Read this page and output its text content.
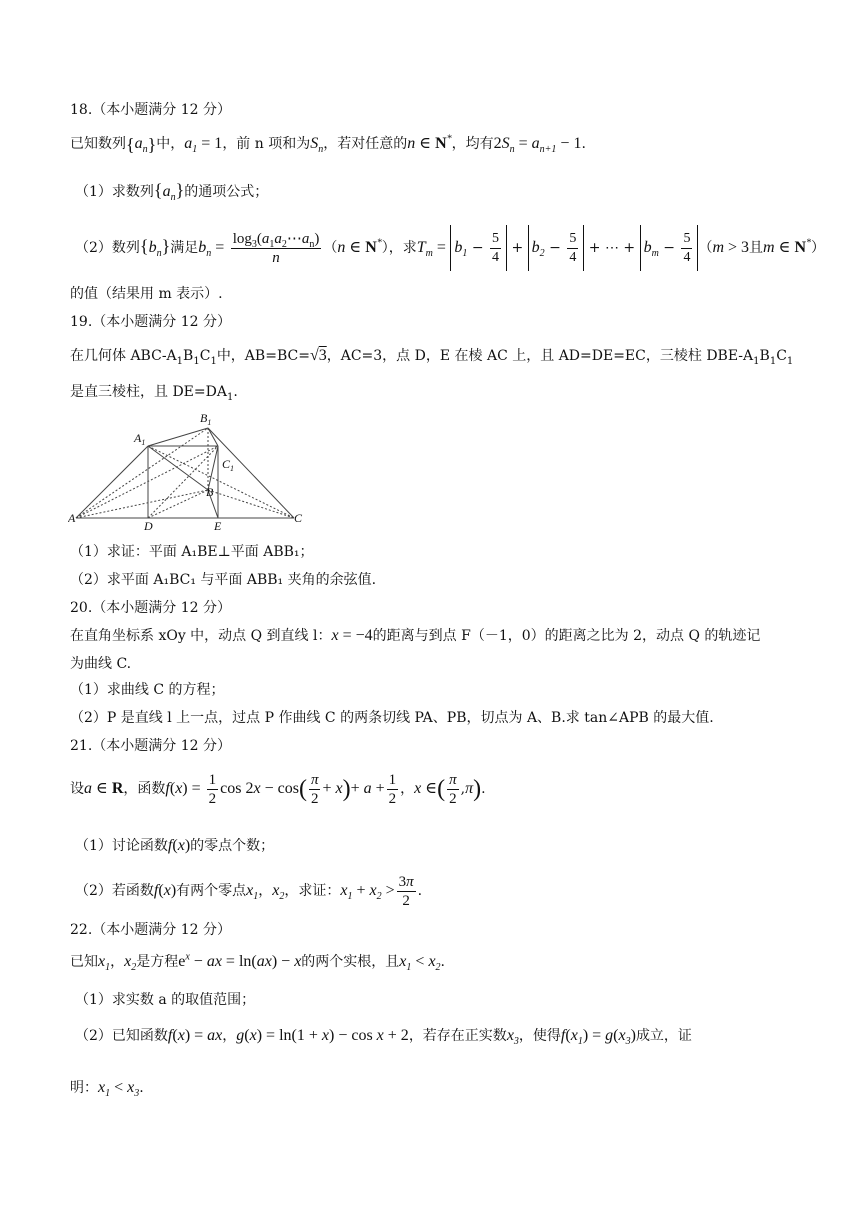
18.（本小题满分 12 分）
已知数列$\{a_n\}$中，$a_1 = 1$，前 n 项和为$S_n$，若对任意的n ∈ N*，均有$2S_n = a_{n+1} - 1$.
（1）求数列$\{a_n\}$的通项公式；
（2）数列$\{b_n\}$满足$b_n = \frac{\log_3(a_1a_2\cdots a_n)}{n} (n$ ∈ N*），求$T_m = b_1 - \frac{5}{4} + b_2 - \frac{5}{4}$ + ⋯ + $b_m - \frac{5}{4} (m > 3$且m ∈ N*）
的值（结果用 m 表示）.
19.（本小题满分 12 分）
在几何体 ABC-$A_1B_1C_1$中，AB=BC=√3，AC=3，点 D，E 在棱 AC 上，且 AD=DE=EC，三棱柱 DBE-$A_1B_1C_1$
是直三棱柱，且 $DE=DA_1$.
A
B
C
D	E
$A_1$
$B_1$
$C_1$
（1）求证：平面 A₁BE⊥平面 ABB₁；
（2）求平面 A₁BC₁ 与平面 ABB₁ 夹角的余弦值.
20.（本小题满分 12 分）
在直角坐标系 xOy 中，动点 Q 到直线 l：x = −4的距离与到点 F（－1，0）的距离之比为 2，动点 Q 的轨迹记
为曲线 C.
（1）求曲线 C 的方程；
（2）P 是直线 l 上一点，过点 P 作曲线 C 的两条切线 PA、PB，切点为 A、B.求 tan∠APB 的最大值.
21.（本小题满分 12 分）
设a ∈ R，函数$f(x) = \frac{1}{2}$ $\cos 2x - \cos( \frac{\pi}{2} + x)+ a + \frac{1}{2}$ ，x ∈( $\frac{\pi}{2} ,\pi$).
（1）讨论函数f(x)的零点个数；
（2）若函数f(x)有两个零点$x_1$，$x_2$，求证：$x_1 + x_2 > \frac{3\pi}{2}$ .
22.（本小题满分 12 分）
已知$x_1$，$x_2$是方程$e^x$ − ax = ln(ax) − x的两个实根，且$x_1 < x_2$.
（1）求实数 a 的取值范围；
（2）已知函数f(x) = ax，g(x) = ln(1 + x) − cos x + 2，若存在正实数$x_3$，使得$f(x_1) = g(x_3)$成立，证
明：$x_1 < x_3$.
